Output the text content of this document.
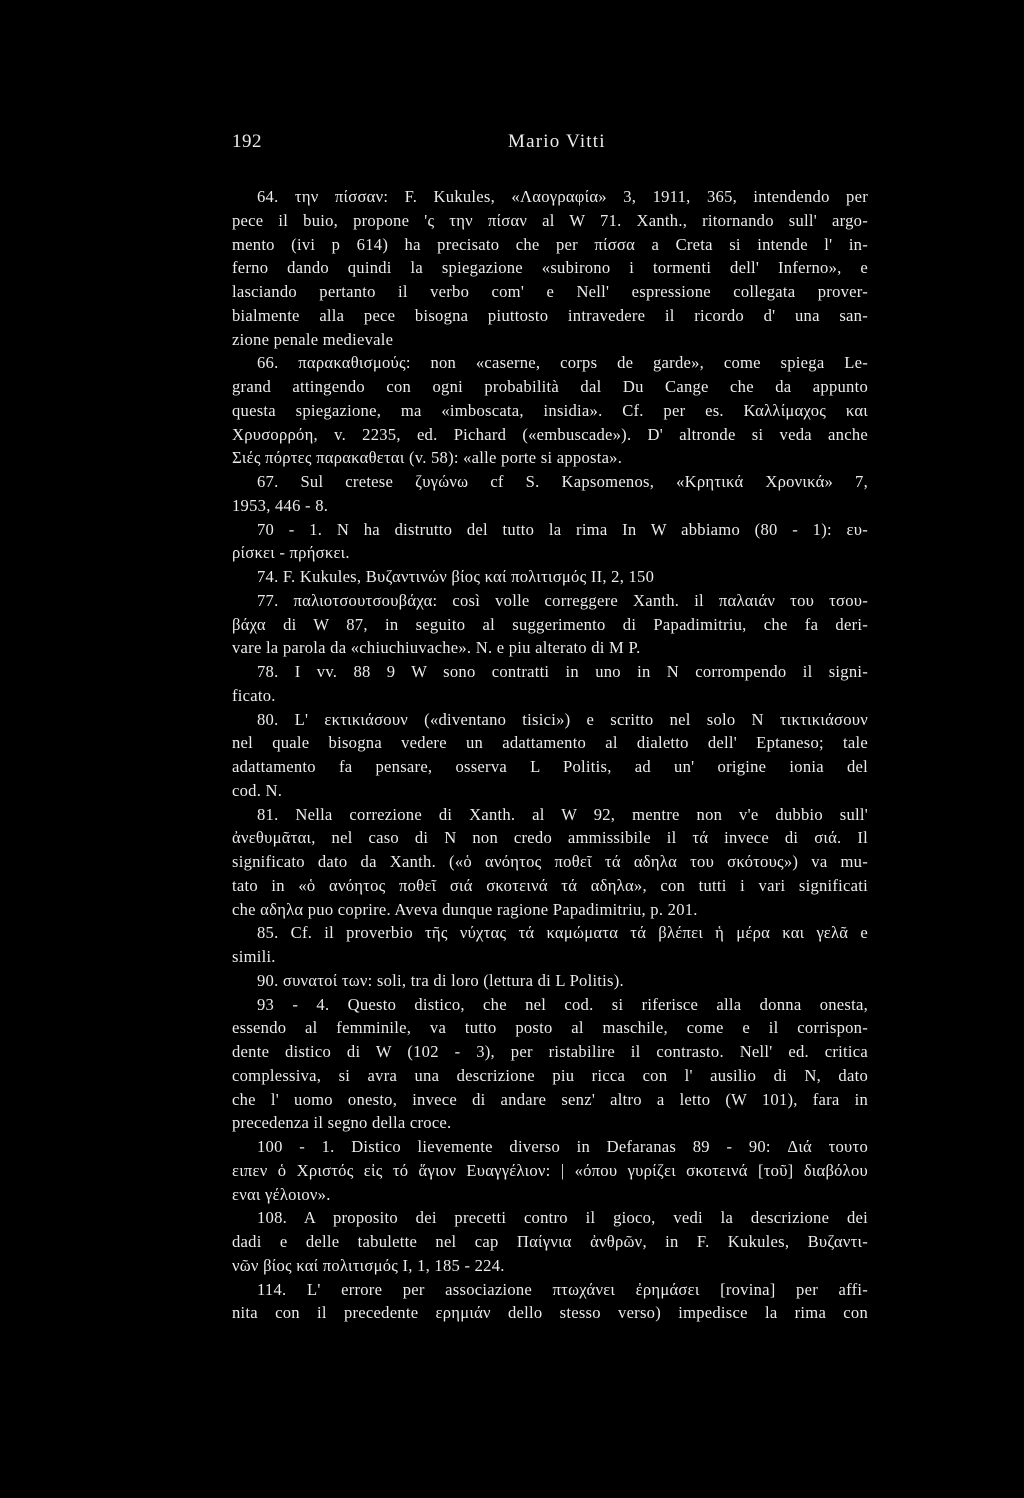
192	Mario Vitti
64. την πίσσαν: F. Kukules, «Λαογραφία» 3, 1911, 365, intendendo per
pece il buio, propone 'ς την πίσαν al W 71. Xanth., ritornando sull' argo-
mento (ivi p 614) ha precisato che per πίσσα a Creta si intende l' in-
ferno dando quindi la spiegazione «subirono i tormenti dell' Inferno», e
lasciando pertanto il verbo com' e Nell' espressione collegata prover-
bialmente alla pece bisogna piuttosto intravedere il ricordo d' una san-
zione penale medievale
66. παρακαθισμούς: non «caserne, corps de garde», come spiega Le-
grand attingendo con ogni probabilità dal Du Cange che da appunto
questa spiegazione, ma «imboscata, insidia». Cf. per es. Καλλίμαχος και
Χρυσορρόη, v. 2235, ed. Pichard («embuscade»). D' altronde si veda anche
Σιές πόρτες παρακαθεται (v. 58): «alle porte si apposta».
67. Sul cretese ζυγώνω cf S. Kapsomenos, «Κρητικά Χρονικά» 7,
1953, 446 - 8.
70 - 1. N ha distrutto del tutto la rima In W abbiamo (80 - 1): ευ-
ρίσκει - πρήσκει.
74. F. Kukules, Βυζαντινών βίος καί πολιτισμός II, 2, 150
77. παλιοτσουτσουβάχα: così volle correggere Xanth. il παλαιάν του τσου-
βάχα di W 87, in seguito al suggerimento di Papadimitriu, che fa deri-
vare la parola da «chiuchiuvache». N. e piu alterato di M P.
78. I vv. 88 9 W sono contratti in uno in N corrompendo il signi-
ficato.
80. L' εκτικιάσουν («diventano tisici») e scritto nel solo N τικτικιάσουν
nel quale bisogna vedere un adattamento al dialetto dell' Eptaneso; tale
adattamento fa pensare, osserva L Politis, ad un' origine ionia del
cod. N.
81. Nella correzione di Xanth. al W 92, mentre non v'e dubbio sull'
ἀνεθυμᾶται, nel caso di N non credo ammissibile il τά invece di σιά. Il
significato dato da Xanth. («ὁ ανόητος ποθεῖ τά αδηλα του σκότους») va mu-
tato in «ὁ ανόητος ποθεῖ σιά σκοτεινά τά αδηλα», con tutti i vari significati
che αδηλα puo coprire. Aveva dunque ragione Papadimitriu, p. 201.
85. Cf. il proverbio τῆς νύχτας τά καμώματα τά βλέπει ἡ μέρα και γελᾶ e
simili.
90. συνατοί των: soli, tra di loro (lettura di L Politis).
93 - 4. Questo distico, che nel cod. si riferisce alla donna onesta,
essendo al femminile, va tutto posto al maschile, come e il corrispon-
dente distico di W (102 - 3), per ristabilire il contrasto. Nell' ed. critica
complessiva, si avra una descrizione piu ricca con l' ausilio di N, dato
che l' uomo onesto, invece di andare senz' altro a letto (W 101), fara in
precedenza il segno della croce.
100 - 1. Distico lievemente diverso in Defaranas 89 - 90: Διά τουτο
ειπεν ὁ Χριστός εἰς τό ἅγιον Ευαγγέλιον: | «όπου γυρίζει σκοτεινά [τοῦ] διαβόλου
εναι γέλοιον».
108. A proposito dei precetti contro il gioco, vedi la descrizione dei
dadi e delle tabulette nel cap Παίγνια ἀνθρῶν, in F. Kukules, Βυζαντι-
νῶν βίος καί πολιτισμός I, 1, 185 - 224.
114. L' errore per associazione πτωχάνει ἐρημάσει [rovina] per affi-
nita con il precedente ερημιάν dello stesso verso) impedisce la rima con
